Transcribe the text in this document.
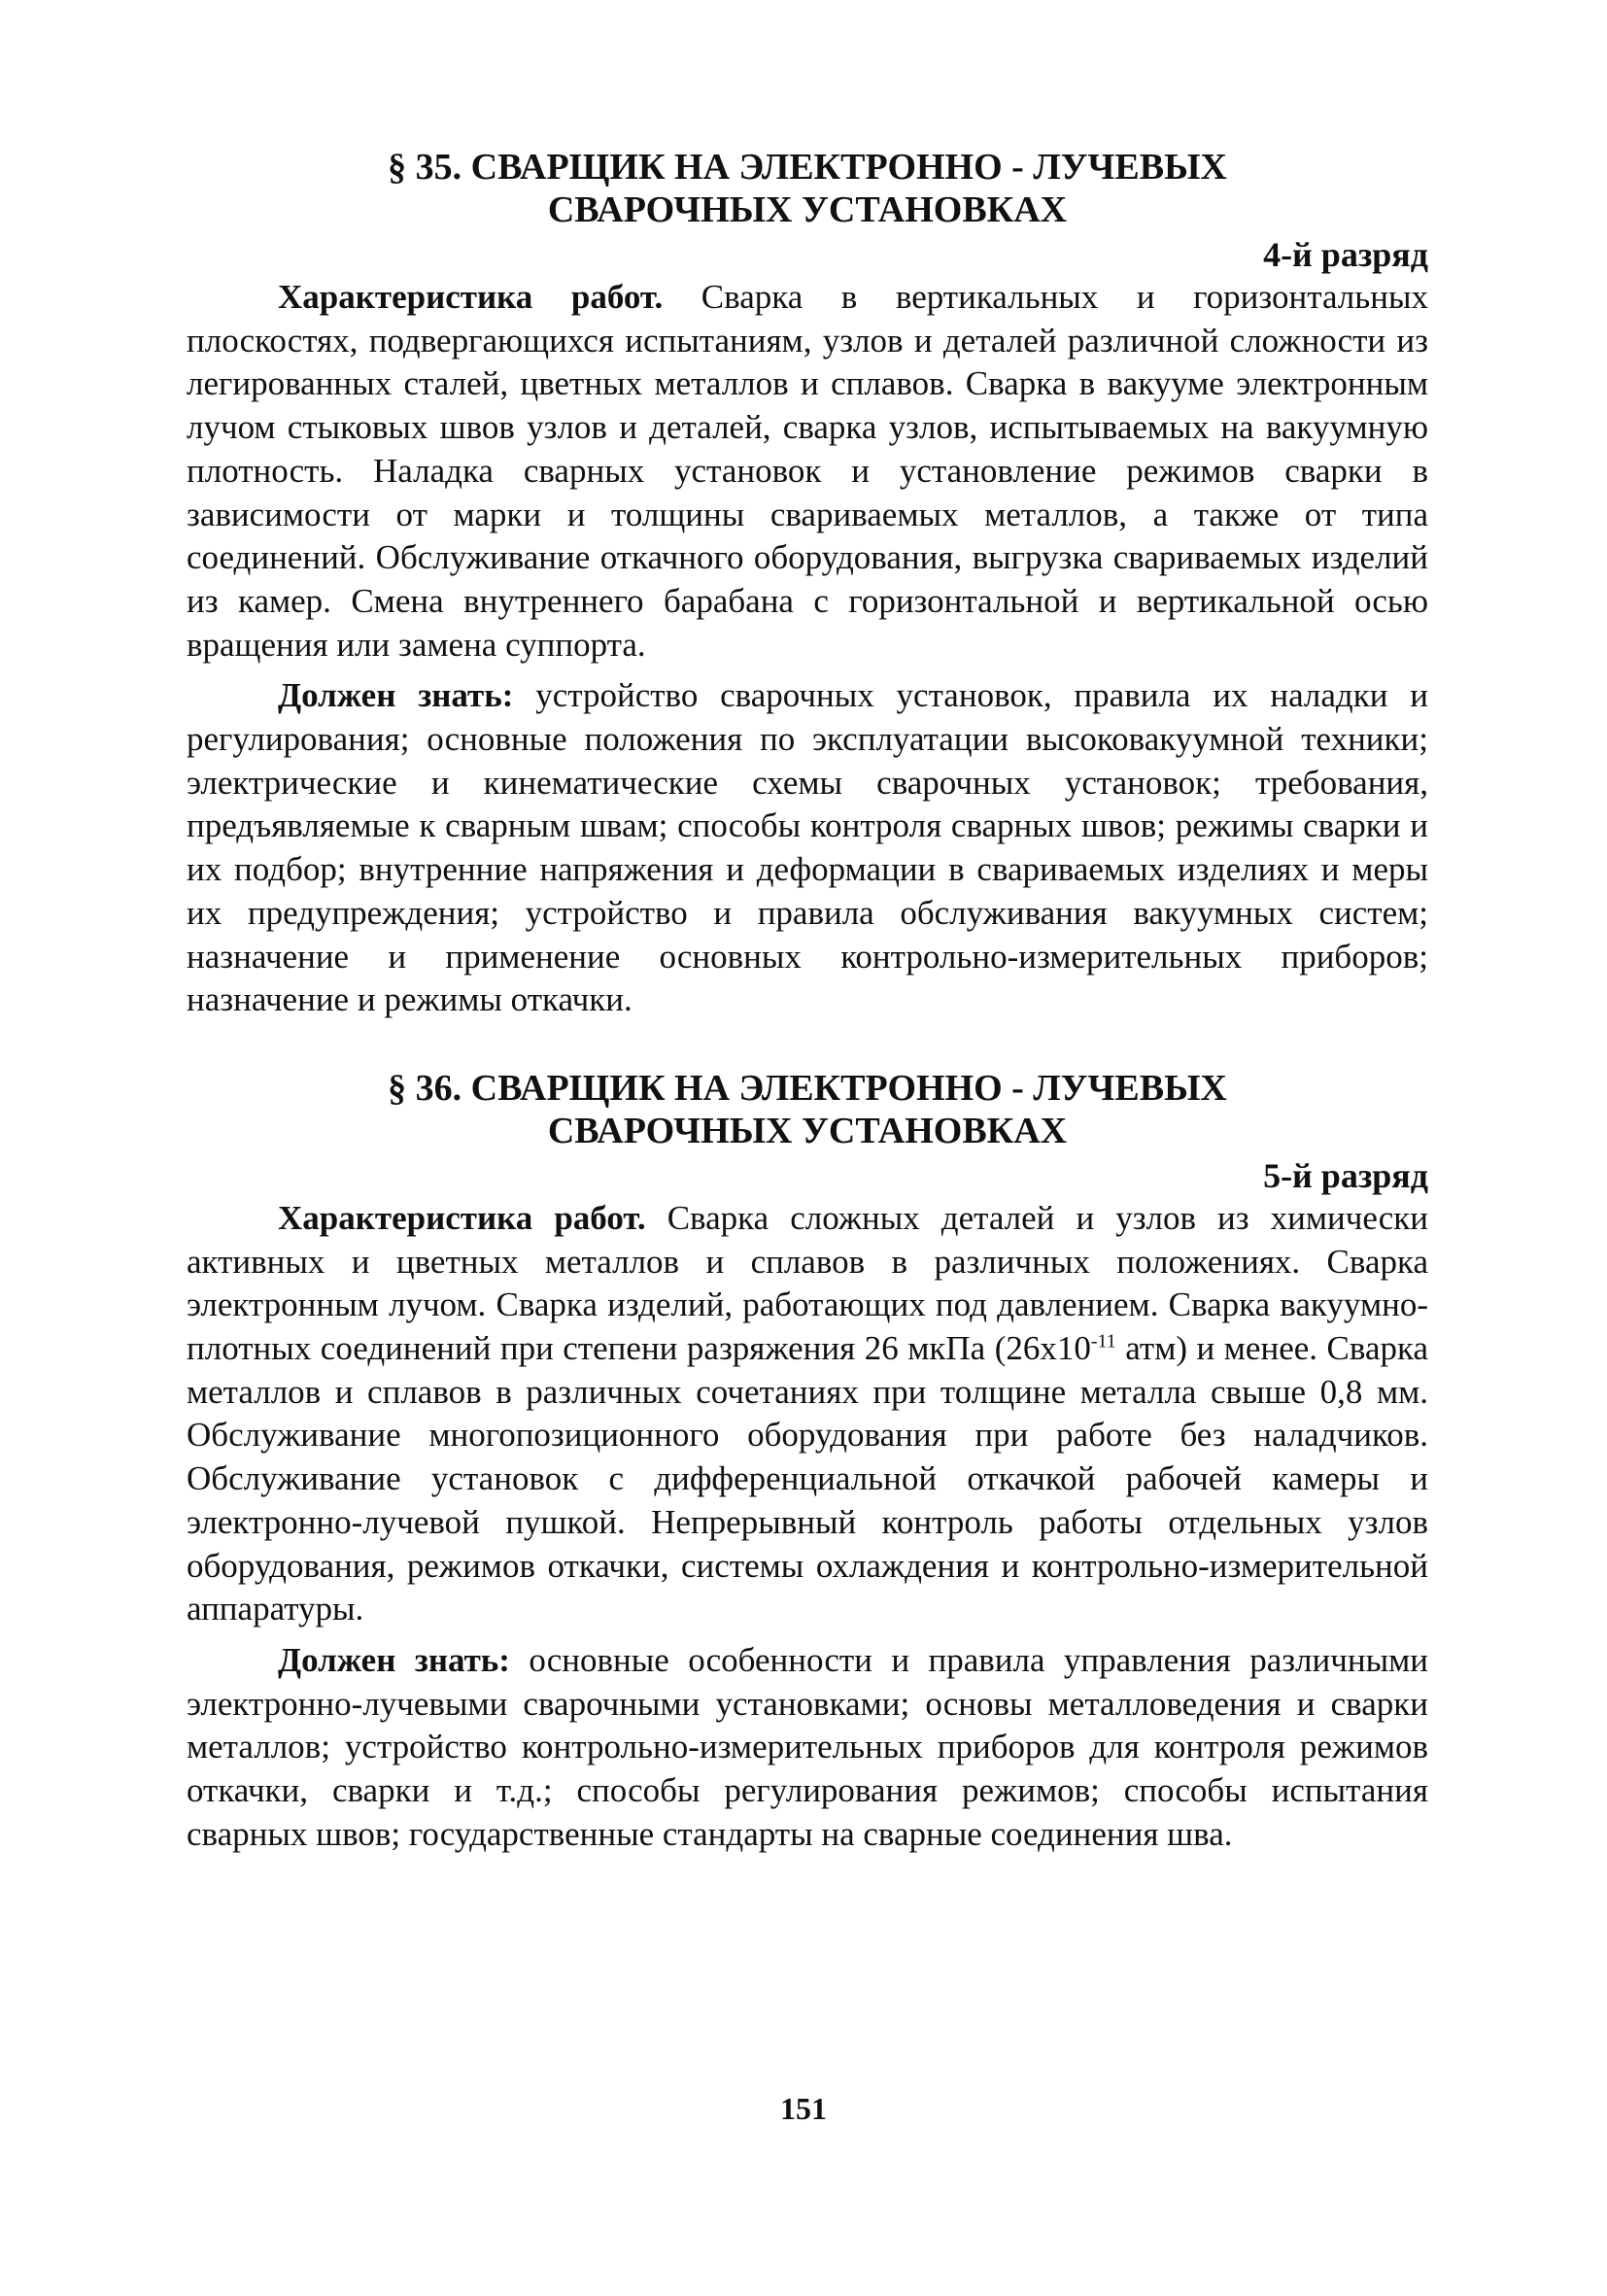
§ 35. СВАРЩИК НА ЭЛЕКТРОННО - ЛУЧЕВЫХ
СВАРОЧНЫХ УСТАНОВКАХ

4-й разряд

Характеристика работ. Сварка в вертикальных и горизонтальных плоскостях, подвергающихся испытаниям, узлов и деталей различной сложности из легированных сталей, цветных металлов и сплавов. Сварка в вакууме электронным лучом стыковых швов узлов и деталей, сварка узлов, испытываемых на вакуумную плотность. Наладка сварных установок и установление режимов сварки в зависимости от марки и толщины свариваемых металлов, а также от типа соединений. Обслуживание откачного оборудования, выгрузка свариваемых изделий из камер. Смена внутреннего барабана с горизонтальной и вертикальной осью вращения или замена суппорта.

Должен знать: устройство сварочных установок, правила их наладки и регулирования; основные положения по эксплуатации высоковакуумной техники; электрические и кинематические схемы сварочных установок; требования, предъявляемые к сварным швам; способы контроля сварных швов; режимы сварки и их подбор; внутренние напряжения и деформации в свариваемых изделиях и меры их предупреждения; устройство и правила обслуживания вакуумных систем; назначение и применение основных контрольно-измерительных приборов; назначение и режимы откачки.

§ 36. СВАРЩИК НА ЭЛЕКТРОННО - ЛУЧЕВЫХ
СВАРОЧНЫХ УСТАНОВКАХ

5-й разряд

Характеристика работ. Сварка сложных деталей и узлов из химически активных и цветных металлов и сплавов в различных положениях. Сварка электронным лучом. Сварка изделий, работающих под давлением. Сварка вакуумно-плотных соединений при степени разряжения 26 мкПа ($26х10^{-11}$ атм) и менее. Сварка металлов и сплавов в различных сочетаниях при толщине металла свыше 0,8 мм. Обслуживание многопозиционного оборудования при работе без наладчиков. Обслуживание установок с дифференциальной откачкой рабочей камеры и электронно-лучевой пушкой. Непрерывный контроль работы отдельных узлов оборудования, режимов откачки, системы охлаждения и контрольно-измерительной аппаратуры.

Должен знать: основные особенности и правила управления различными электронно-лучевыми сварочными установками; основы металловедения и сварки металлов; устройство контрольно-измерительных приборов для контроля режимов откачки, сварки и т.д.; способы регулирования режимов; способы испытания сварных швов; государственные стандарты на сварные соединения шва.

151
